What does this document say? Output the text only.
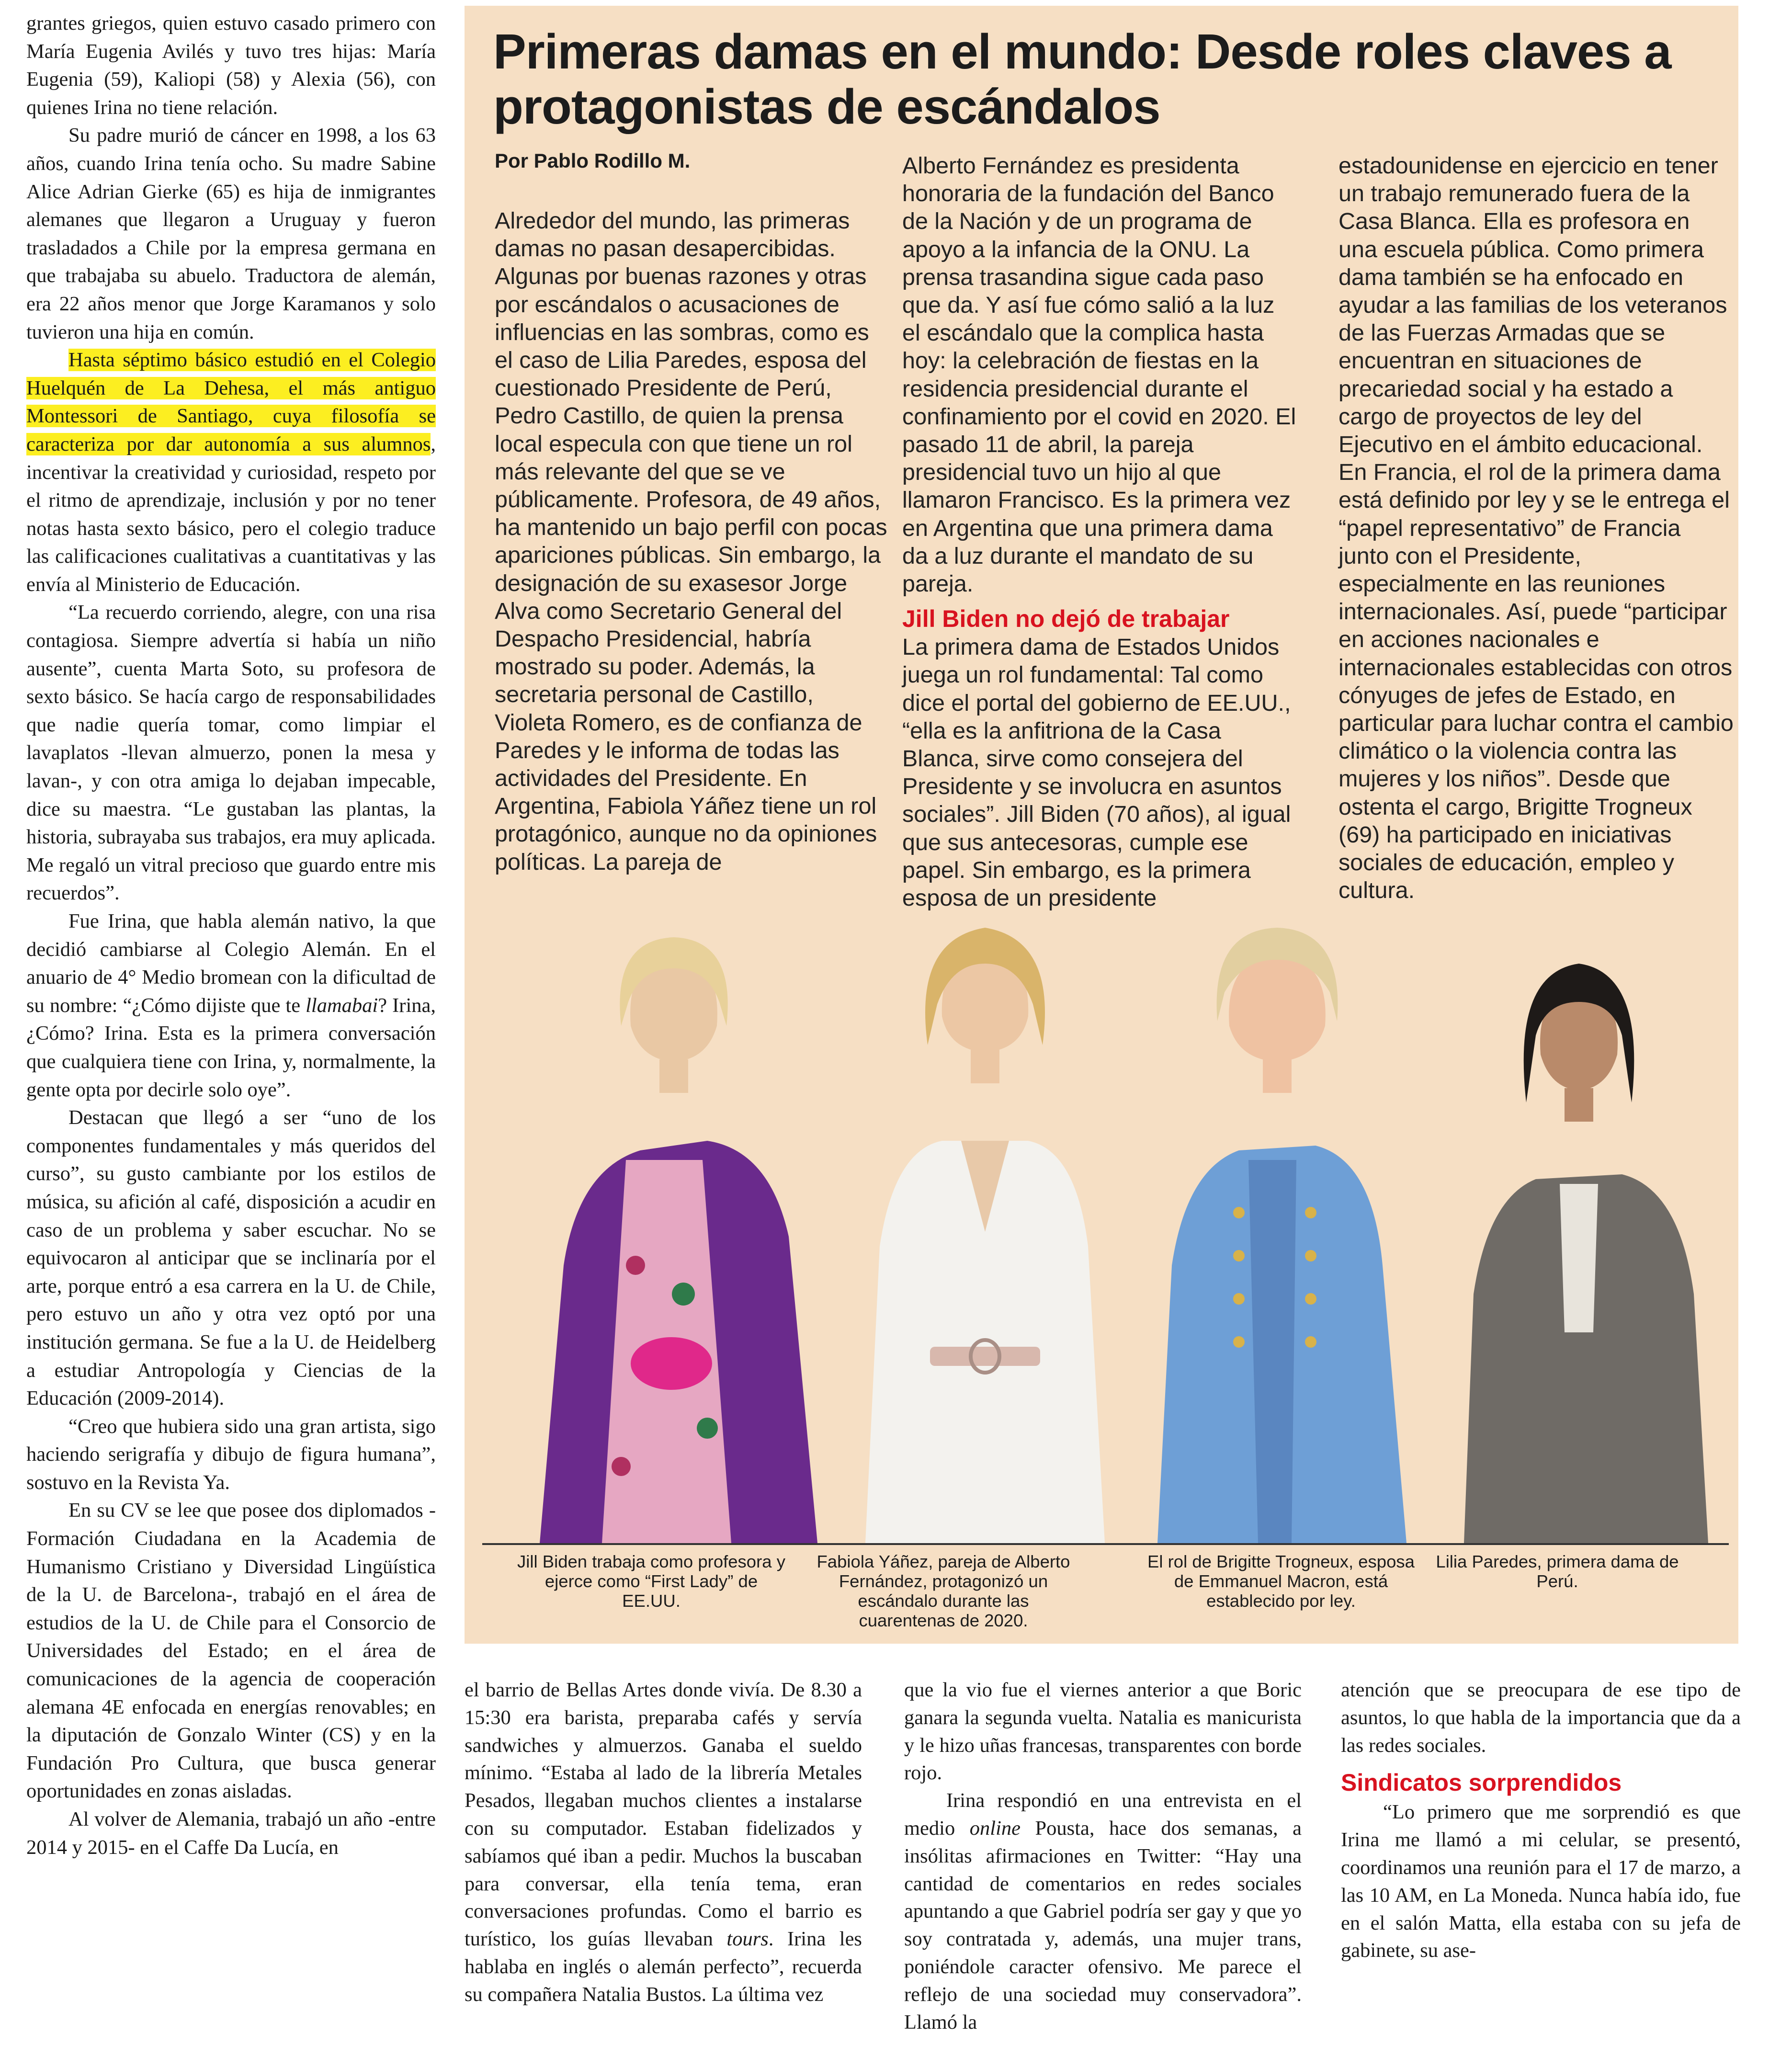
grantes griegos, quien estuvo casado primero con María Eugenia Avilés y tuvo tres hijas: María Eugenia (59), Kaliopi (58) y Alexia (56), con quienes Irina no tiene relación.

Su padre murió de cáncer en 1998, a los 63 años, cuando Irina tenía ocho. Su madre Sabine Alice Adrian Gierke (65) es hija de inmigrantes alemanes que llegaron a Uruguay y fueron trasladados a Chile por la empresa germana en que trabajaba su abuelo. Traductora de alemán, era 22 años menor que Jorge Karamanos y solo tuvieron una hija en común.

Hasta séptimo básico estudió en el Colegio Huelquén de La Dehesa, el más antiguo Montessori de Santiago, cuya filosofía se caracteriza por dar autonomía a sus alumnos, incentivar la creatividad y curiosidad, respeto por el ritmo de aprendizaje, inclusión y por no tener notas hasta sexto básico, pero el colegio traduce las calificaciones cualitativas a cuantitativas y las envía al Ministerio de Educación.

“La recuerdo corriendo, alegre, con una risa contagiosa. Siempre advertía si había un niño ausente”, cuenta Marta Soto, su profesora de sexto básico. Se hacía cargo de responsabilidades que nadie quería tomar, como limpiar el lavaplatos -llevan almuerzo, ponen la mesa y lavan-, y con otra amiga lo dejaban impecable, dice su maestra. “Le gustaban las plantas, la historia, subrayaba sus trabajos, era muy aplicada. Me regaló un vitral precioso que guardo entre mis recuerdos”.

Fue Irina, que habla alemán nativo, la que decidió cambiarse al Colegio Alemán. En el anuario de 4° Medio bromean con la dificultad de su nombre: “¿Cómo dijiste que te llamabai? Irina, ¿Cómo? Irina. Esta es la primera conversación que cualquiera tiene con Irina, y, normalmente, la gente opta por decirle solo oye”.

Destacan que llegó a ser “uno de los componentes fundamentales y más queridos del curso”, su gusto cambiante por los estilos de música, su afición al café, disposición a acudir en caso de un problema y saber escuchar. No se equivocaron al anticipar que se inclinaría por el arte, porque entró a esa carrera en la U. de Chile, pero estuvo un año y otra vez optó por una institución germana. Se fue a la U. de Heidelberg a estudiar Antropología y Ciencias de la Educación (2009-2014).

“Creo que hubiera sido una gran artista, sigo haciendo serigrafía y dibujo de figura humana”, sostuvo en la Revista Ya.

En su CV se lee que posee dos diplomados -Formación Ciudadana en la Academia de Humanismo Cristiano y Diversidad Lingüística de la U. de Barcelona-, trabajó en el área de estudios de la U. de Chile para el Consorcio de Universidades del Estado; en el área de comunicaciones de la agencia de cooperación alemana 4E enfocada en energías renovables; en la diputación de Gonzalo Winter (CS) y en la Fundación Pro Cultura, que busca generar oportunidades en zonas aisladas.

Al volver de Alemania, trabajó un año -entre 2014 y 2015- en el Caffe Da Lucía, en

Primeras damas en el mundo: Desde roles claves a protagonistas de escándalos

Por Pablo Rodillo M.

Alrededor del mundo, las primeras damas no pasan desapercibidas. Algunas por buenas razones y otras por escándalos o acusaciones de influencias en las sombras, como es el caso de Lilia Paredes, esposa del cuestionado Presidente de Perú, Pedro Castillo, de quien la prensa local especula con que tiene un rol más relevante del que se ve públicamente. Profesora, de 49 años, ha mantenido un bajo perfil con pocas apariciones públicas. Sin embargo, la designación de su exasesor Jorge Alva como Secretario General del Despacho Presidencial, habría mostrado su poder. Además, la secretaria personal de Castillo, Violeta Romero, es de confianza de Paredes y le informa de todas las actividades del Presidente. En Argentina, Fabiola Yáñez tiene un rol protagónico, aunque no da opiniones políticas. La pareja de

Alberto Fernández es presidenta honoraria de la fundación del Banco de la Nación y de un programa de apoyo a la infancia de la ONU. La prensa trasandina sigue cada paso que da. Y así fue cómo salió a la luz el escándalo que la complica hasta hoy: la celebración de fiestas en la residencia presidencial durante el confinamiento por el covid en 2020. El pasado 11 de abril, la pareja presidencial tuvo un hijo al que llamaron Francisco. Es la primera vez en Argentina que una primera dama da a luz durante el mandato de su pareja.

Jill Biden no dejó de trabajar

La primera dama de Estados Unidos juega un rol fundamental: Tal como dice el portal del gobierno de EE.UU., “ella es la anfitriona de la Casa Blanca, sirve como consejera del Presidente y se involucra en asuntos sociales”. Jill Biden (70 años), al igual que sus antecesoras, cumple ese papel. Sin embargo, es la primera esposa de un presidente

estadounidense en ejercicio en tener un trabajo remunerado fuera de la Casa Blanca. Ella es profesora en una escuela pública. Como primera dama también se ha enfocado en ayudar a las familias de los veteranos de las Fuerzas Armadas que se encuentran en situaciones de precariedad social y ha estado a cargo de proyectos de ley del Ejecutivo en el ámbito educacional. En Francia, el rol de la primera dama está definido por ley y se le entrega el “papel representativo” de Francia junto con el Presidente, especialmente en las reuniones internacionales. Así, puede “participar en acciones nacionales e internacionales establecidas con otros cónyuges de jefes de Estado, en particular para luchar contra el cambio climático o la violencia contra las mujeres y los niños”. Desde que ostenta el cargo, Brigitte Trogneux (69) ha participado en iniciativas sociales de educación, empleo y cultura.

Jill Biden trabaja como profesora y ejerce como “First Lady” de EE.UU.

Fabiola Yáñez, pareja de Alberto Fernández, protagonizó un escándalo durante las cuarentenas de 2020.

El rol de Brigitte Trogneux, esposa de Emmanuel Macron, está establecido por ley.

Lilia Paredes, primera dama de Perú.

el barrio de Bellas Artes donde vivía. De 8.30 a 15:30 era barista, preparaba cafés y servía sandwiches y almuerzos. Ganaba el sueldo mínimo. “Estaba al lado de la librería Metales Pesados, llegaban muchos clientes a instalarse con su computador. Estaban fidelizados y sabíamos qué iban a pedir. Muchos la buscaban para conversar, ella tenía tema, eran conversaciones profundas. Como el barrio es turístico, los guías llevaban tours. Irina les hablaba en inglés o alemán perfecto”, recuerda su compañera Natalia Bustos. La última vez

que la vio fue el viernes anterior a que Boric ganara la segunda vuelta. Natalia es manicurista y le hizo uñas francesas, transparentes con borde rojo.

Irina respondió en una entrevista en el medio online Pousta, hace dos semanas, a insólitas afirmaciones en Twitter: “Hay una cantidad de comentarios en redes sociales apuntando a que Gabriel podría ser gay y que yo soy contratada y, además, una mujer trans, poniéndole caracter ofensivo. Me parece el reflejo de una sociedad muy conservadora”. Llamó la

atención que se preocupara de ese tipo de asuntos, lo que habla de la importancia que da a las redes sociales.

Sindicatos sorprendidos

“Lo primero que me sorprendió es que Irina me llamó a mi celular, se presentó, coordinamos una reunión para el 17 de marzo, a las 10 AM, en La Moneda. Nunca había ido, fue en el salón Matta, ella estaba con su jefa de gabinete, su ase-
